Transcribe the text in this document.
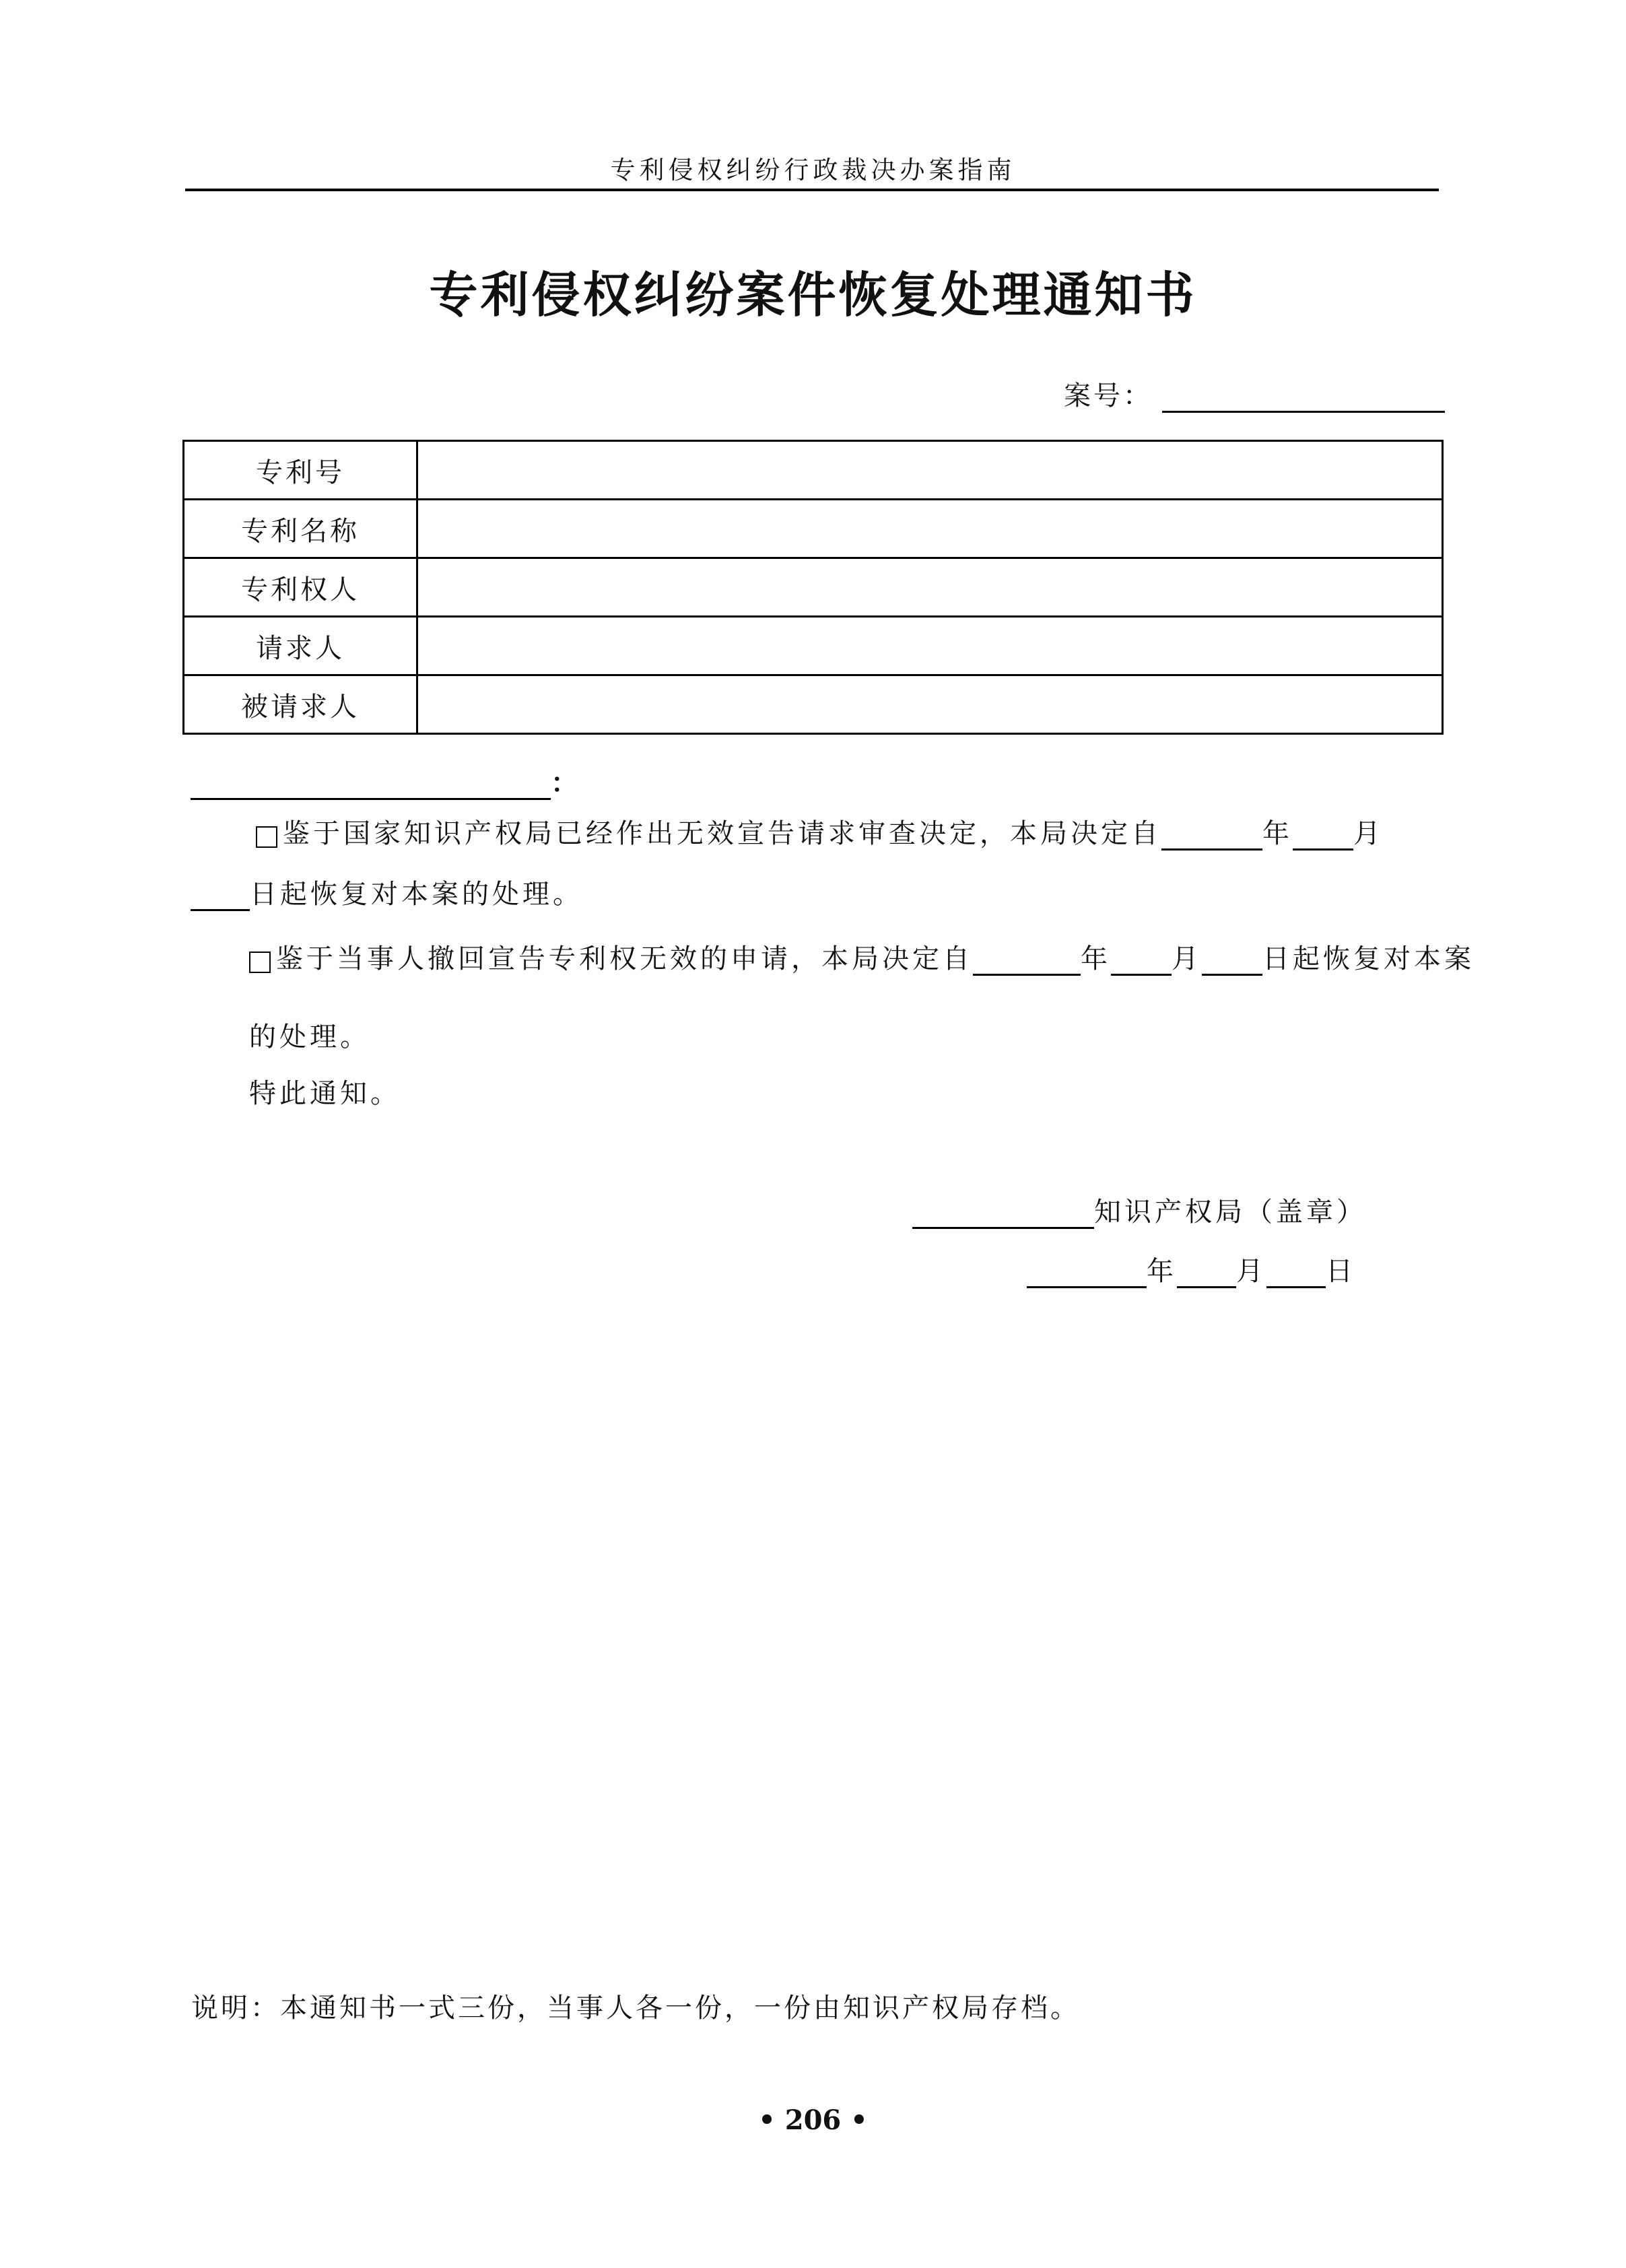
专利侵权纠纷行政裁决办案指南
专利侵权纠纷案件恢复处理通知书
案号：
专利号	
专利名称	
专利权人	
请求人	
被请求人	
：
鉴于国家知识产权局已经作出无效宣告请求审查决定，本局决定自	年 月
日起恢复对本案的处理。
鉴于当事人撤回宣告专利权无效的申请，本局决定自	年 月 日起恢复对本案
的处理。
特此通知。
知识产权局（盖章）
年 月 日
说明：本通知书一式三份，当事人各一份，一份由知识产权局存档。
• 206 •
